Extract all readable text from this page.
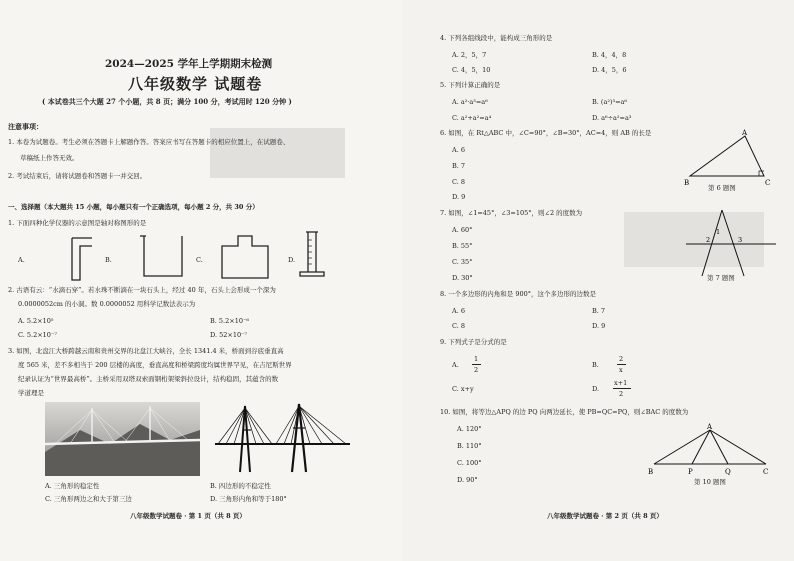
2024—2025 学年上学期期末检测
八年级数学 试题卷
( 本试卷共三个大题 27 个小题，共 8 页；满分 100 分，考试用时 120 分钟 )
注意事项：
1. 本卷为试题卷。考生必须在答题卡上解题作答。答案应书写在答题卡的相应位置上，在试题卷、
草稿纸上作答无效。
2. 考试结束后，请将试题卷和答题卡一并交回。
一、选择题（本大题共 15 小题，每小题只有一个正确选项，每小题 2 分，共 30 分）
1. 下面四种化学仪器的示意图是轴对称图形的是
A.	B.	C.	D.
2. 古语有云：“水滴石穿”。若水珠不断滴在一块石头上，经过 40 年，石头上会形成一个深为
0.0000052cm 的小洞。数 0.0000052 用科学记数法表示为
A. 5.2×10⁵	B. 5.2×10⁻⁶
C. 5.2×10⁻⁷	D. 52×10⁻⁷
3. 如图，北盘江大桥跨越云南和贵州交界的北盘江大峡谷，全长 1341.4 米，桥面到谷底垂直高
度 565 米，差不多相当于 200 层楼的高度，垂直高度和桥梁跨度均属世界罕见，在吉尼斯世界
纪录认证为“世界最高桥”。主桥采用双塔双索面钢桁架梁斜拉设计，结构稳固，其蕴含的数
学道理是
A. 三角形的稳定性	B. 四边形的不稳定性
C. 三角形两边之和大于第三边	D. 三角形内角和等于180°
八年级数学试题卷 · 第 1 页（共 8 页）
4. 下列各组线段中，能构成三角形的是
A. 2，5，7	B. 4，4，8
C. 4，5，10	D. 4，5，6
5. 下列计算正确的是
A. a²·a³=a⁶	B. (a²)³=a⁶
C. a²+a²=a⁴	D. a⁶÷a²=a³
6. 如图，在 Rt△ABC 中，∠C=90°，∠B=30°，AC=4，则 AB 的长是
A. 6
B. 7
C. 8
D. 9
A
B	C
第 6 题图
7. 如图，∠1=45°，∠3=105°，则∠2 的度数为
A. 60°
B. 55°
C. 35°
D. 30°
1
2	3
第 7 题图
8. 一个多边形的内角和是 900°，这个多边形的边数是
A. 6	B. 7
C. 8	D. 9
9. 下列式子是分式的是
A.
1
2
B.
2
x
C. x+y	D.
x+1
2
10. 如图，将等边△APQ 的边 PQ 向两边延长，使 PB=QC=PQ，则∠BAC 的度数为
A. 120°
B. 110°
C. 100°
D. 90°
A
B	P	Q	C
第 10 题图
八年级数学试题卷 · 第 2 页（共 8 页）
